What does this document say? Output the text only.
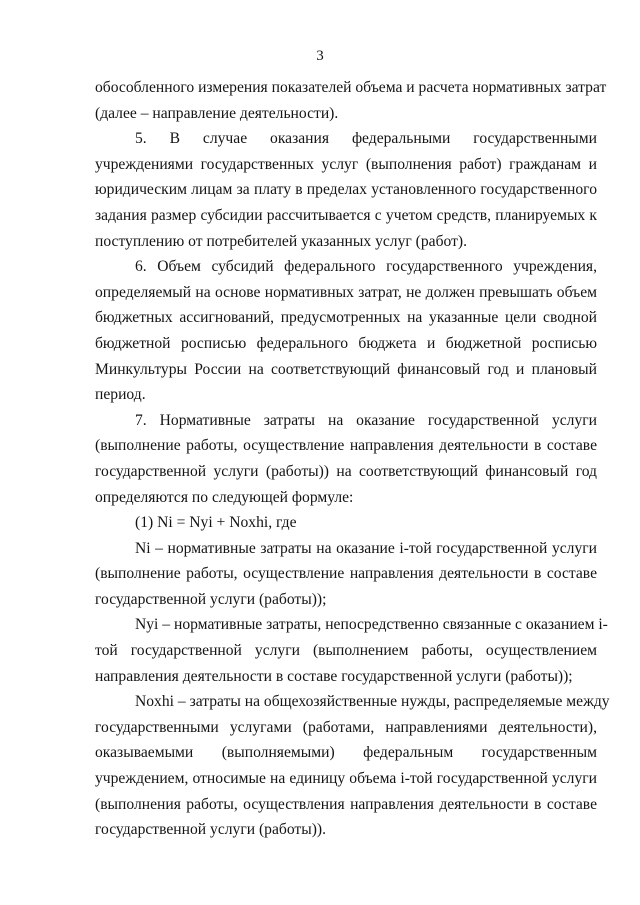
3
обособленного измерения показателей объема и расчета нормативных затрат
(далее – направление деятельности).
5. В случае оказания федеральными государственными
учреждениями государственных услуг (выполнения работ) гражданам и
юридическим лицам за плату в пределах установленного государственного
задания размер субсидии рассчитывается с учетом средств, планируемых к
поступлению от потребителей указанных услуг (работ).
6. Объем субсидий федерального государственного учреждения,
определяемый на основе нормативных затрат, не должен превышать объем
бюджетных ассигнований, предусмотренных на указанные цели сводной
бюджетной росписью федерального бюджета и бюджетной росписью
Минкультуры России на соответствующий финансовый год и плановый
период.
7. Нормативные затраты на оказание государственной услуги
(выполнение работы, осуществление направления деятельности в составе
государственной услуги (работы)) на соответствующий финансовый год
определяются по следующей формуле:
(1) Ni = Nyi + Noxhi, где
Ni – нормативные затраты на оказание i-той государственной услуги
(выполнение работы, осуществление направления деятельности в составе
государственной услуги (работы));
Nyi – нормативные затраты, непосредственно связанные с оказанием i-
той государственной услуги (выполнением работы, осуществлением
направления деятельности в составе государственной услуги (работы));
Noxhi – затраты на общехозяйственные нужды, распределяемые между
государственными услугами (работами, направлениями деятельности),
оказываемыми (выполняемыми) федеральным государственным
учреждением, относимые на единицу объема i-той государственной услуги
(выполнения работы, осуществления направления деятельности в составе
государственной услуги (работы)).
